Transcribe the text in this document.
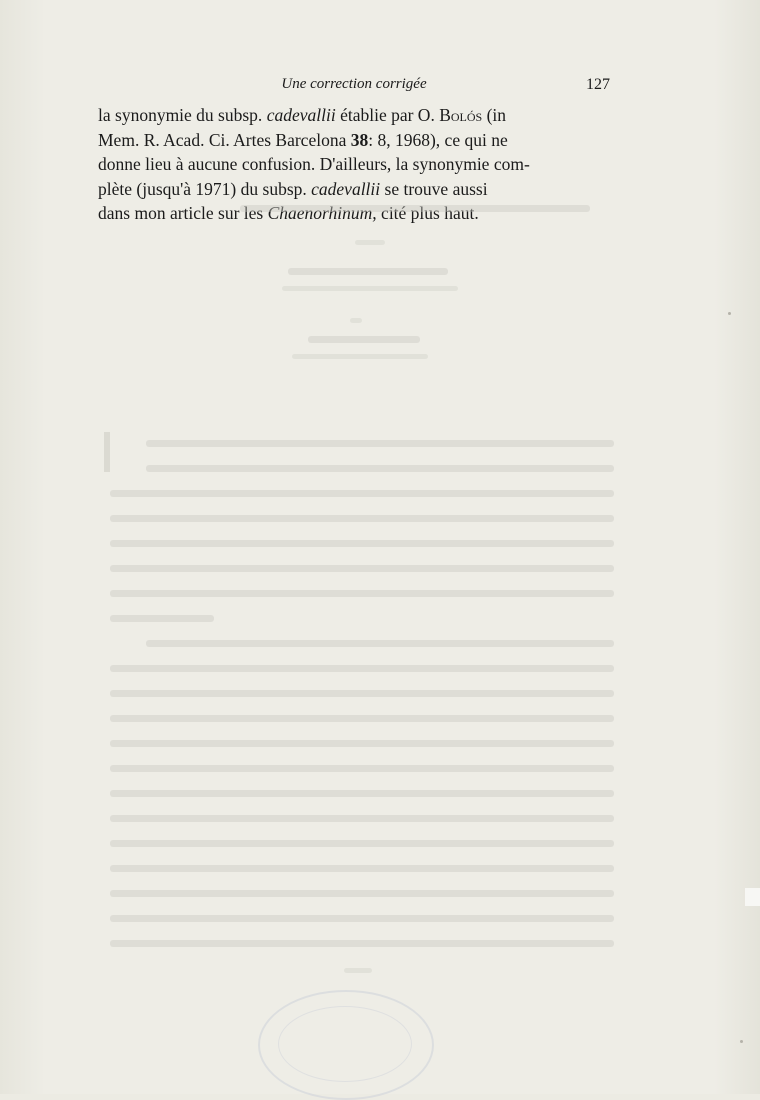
Une correction corrigée	127
la synonymie du subsp. cadevallii établie par O. Bolós (in
Mem. R. Acad. Ci. Artes Barcelona 38: 8, 1968), ce qui ne
donne lieu à aucune confusion. D'ailleurs, la synonymie com-
plète (jusqu'à 1971) du subsp. cadevallii se trouve aussi
dans mon article sur les Chaenorhinum, cité plus haut.
